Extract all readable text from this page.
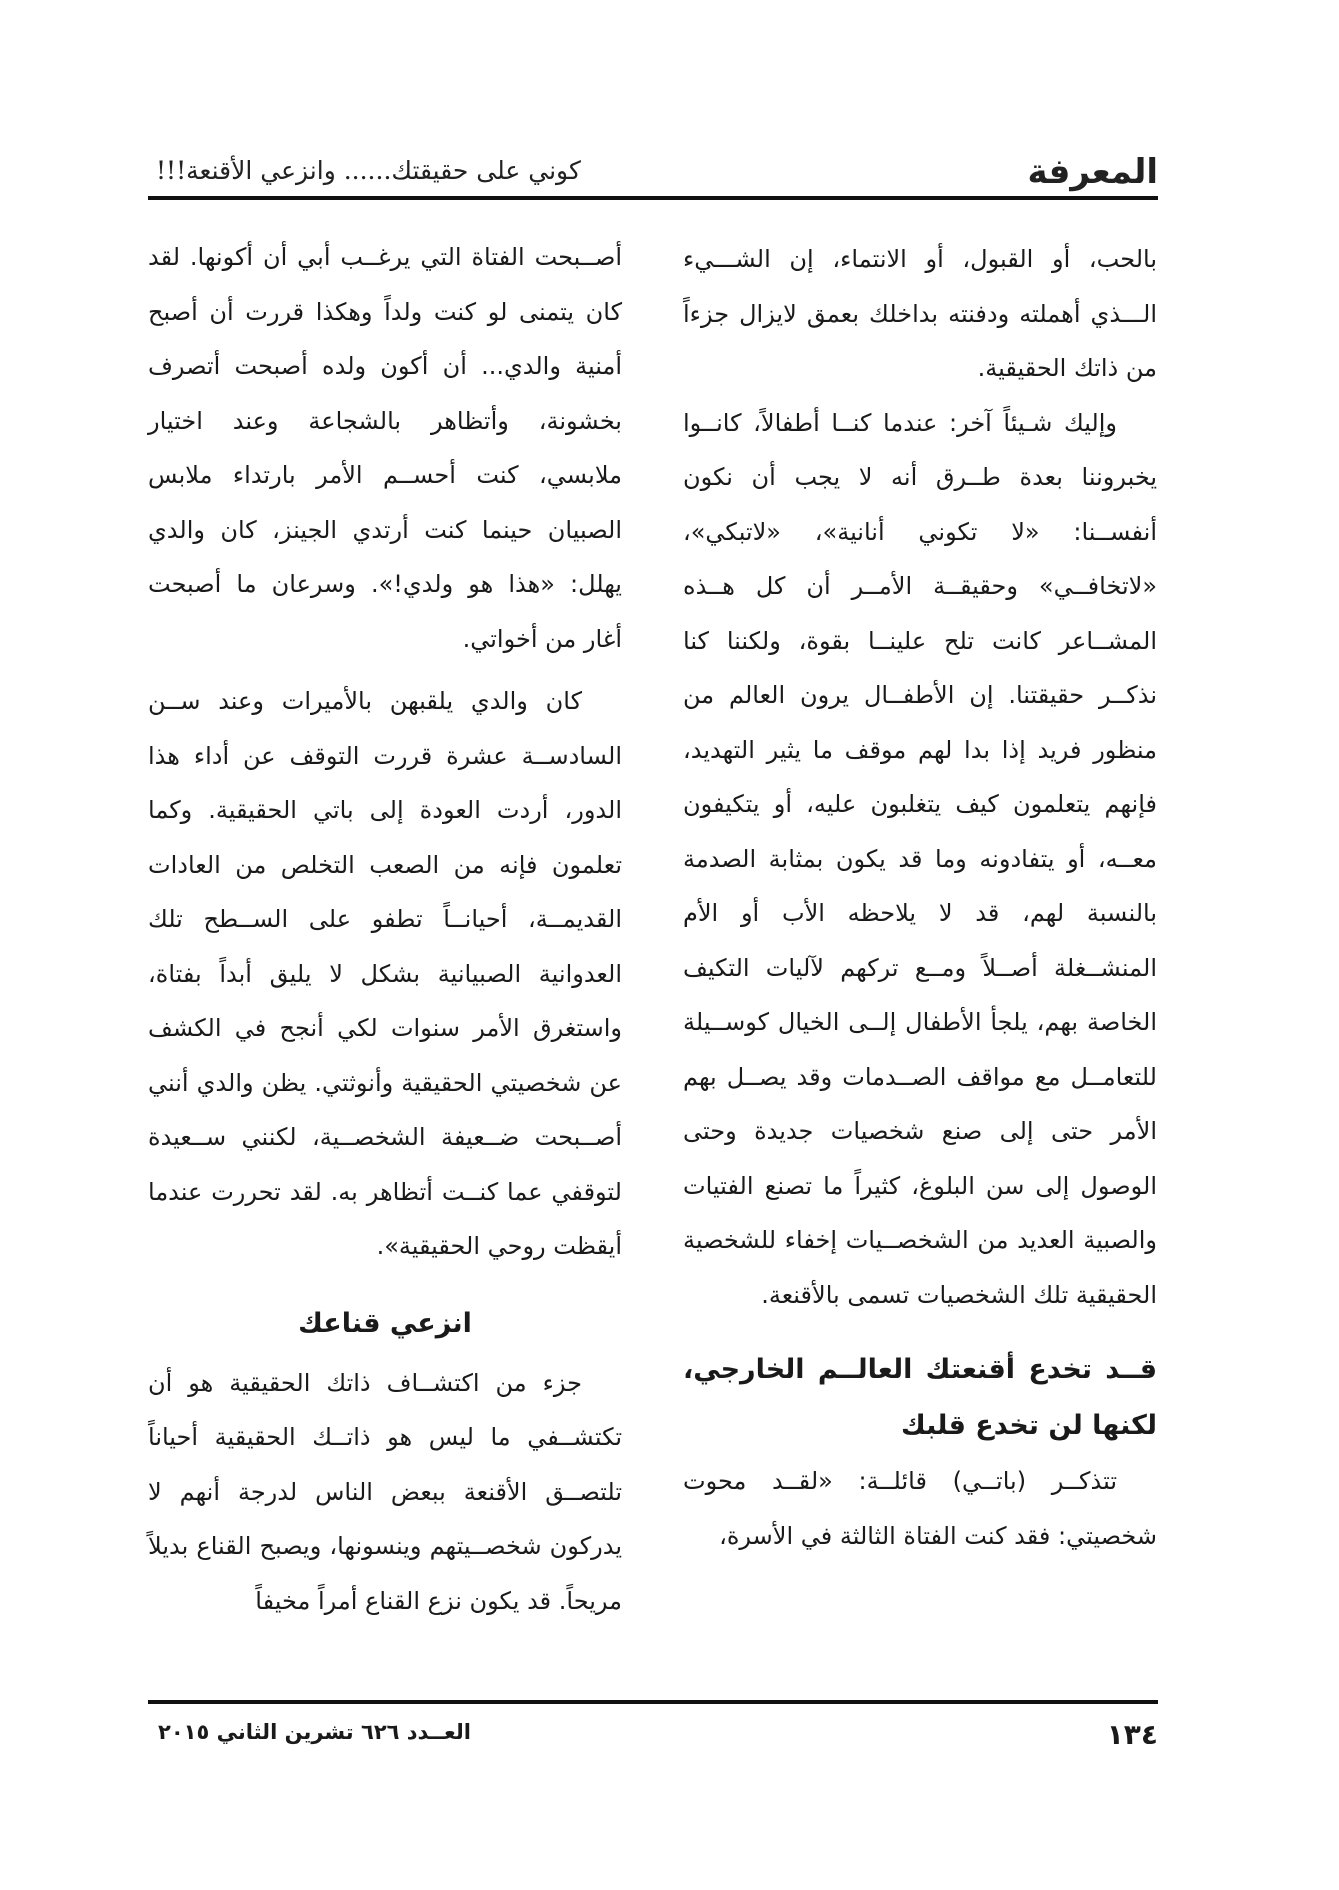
المعرفة
كوني على حقيقتك...... وانزعي الأقنعة!!!

بالحب، أو القبول، أو الانتماء، إن الشـــيء الـــذي أهملته ودفنته بداخلك بعمق لايزال جزءاً من ذاتك الحقيقية.

وإليك شـيئاً آخر: عندما كنــا أطفالاً، كانــوا يخبروننا بعدة طــرق أنه لا يجب أن نكون أنفســنا: «لا تكوني أنانية»، «لاتبكي»، «لاتخافــي» وحقيقــة الأمــر أن كل هــذه المشــاعر كانت تلح علينــا بقوة، ولكننا كنا نذكــر حقيقتنا. إن الأطفــال يرون العالم من منظور فريد إذا بدا لهم موقف ما يثير التهديد، فإنهم يتعلمون كيف يتغلبون عليه، أو يتكيفون معــه، أو يتفادونه وما قد يكون بمثابة الصدمة بالنسبة لهم، قد لا يلاحظه الأب أو الأم المنشــغلة أصــلاً ومــع تركهم لآليات التكيف الخاصة بهم، يلجأ الأطفال إلــى الخيال كوســيلة للتعامــل مع مواقف الصــدمات وقد يصــل بهم الأمر حتى إلى صنع شخصيات جديدة وحتى الوصول إلى سن البلوغ، كثيراً ما تصنع الفتيات والصبية العديد من الشخصــيات إخفاء للشخصية الحقيقية تلك الشخصيات تسمى بالأقنعة.

قــد تخدع أقنعتك العالــم الخارجي، لكنها لن تخدع قلبك

تتذكــر (باتــي) قائلــة: «لقــد محوت شخصيتي: فقد كنت الفتاة الثالثة في الأسرة،

أصــبحت الفتاة التي يرغــب أبي أن أكونها. لقد كان يتمنى لو كنت ولداً وهكذا قررت أن أصبح أمنية والدي... أن أكون ولده أصبحت أتصرف بخشونة، وأتظاهر بالشجاعة وعند اختيار ملابسي، كنت أحســم الأمر بارتداء ملابس الصبيان حينما كنت أرتدي الجينز، كان والدي يهلل: «هذا هو ولدي!». وسرعان ما أصبحت أغار من أخواتي.

كان والدي يلقبهن بالأميرات وعند ســن السادســة عشرة قررت التوقف عن أداء هذا الدور، أردت العودة إلى باتي الحقيقية. وكما تعلمون فإنه من الصعب التخلص من العادات القديمــة، أحيانــاً تطفو على الســطح تلك العدوانية الصبيانية بشكل لا يليق أبداً بفتاة، واستغرق الأمر سنوات لكي أنجح في الكشف عن شخصيتي الحقيقية وأنوثتي. يظن والدي أنني أصــبحت ضــعيفة الشخصــية، لكنني ســعيدة لتوقفي عما كنــت أتظاهر به. لقد تحررت عندما أيقظت روحي الحقيقية».

انزعي قناعك

جزء من اكتشــاف ذاتك الحقيقية هو أن تكتشــفي ما ليس هو ذاتــك الحقيقية أحياناً تلتصــق الأقنعة ببعض الناس لدرجة أنهم لا يدركون شخصــيتهم وينسونها، ويصبح القناع بديلاً مريحاً. قد يكون نزع القناع أمراً مخيفاً

١٣٤
العــدد ٦٢٦ تشرين الثاني ٢٠١٥
